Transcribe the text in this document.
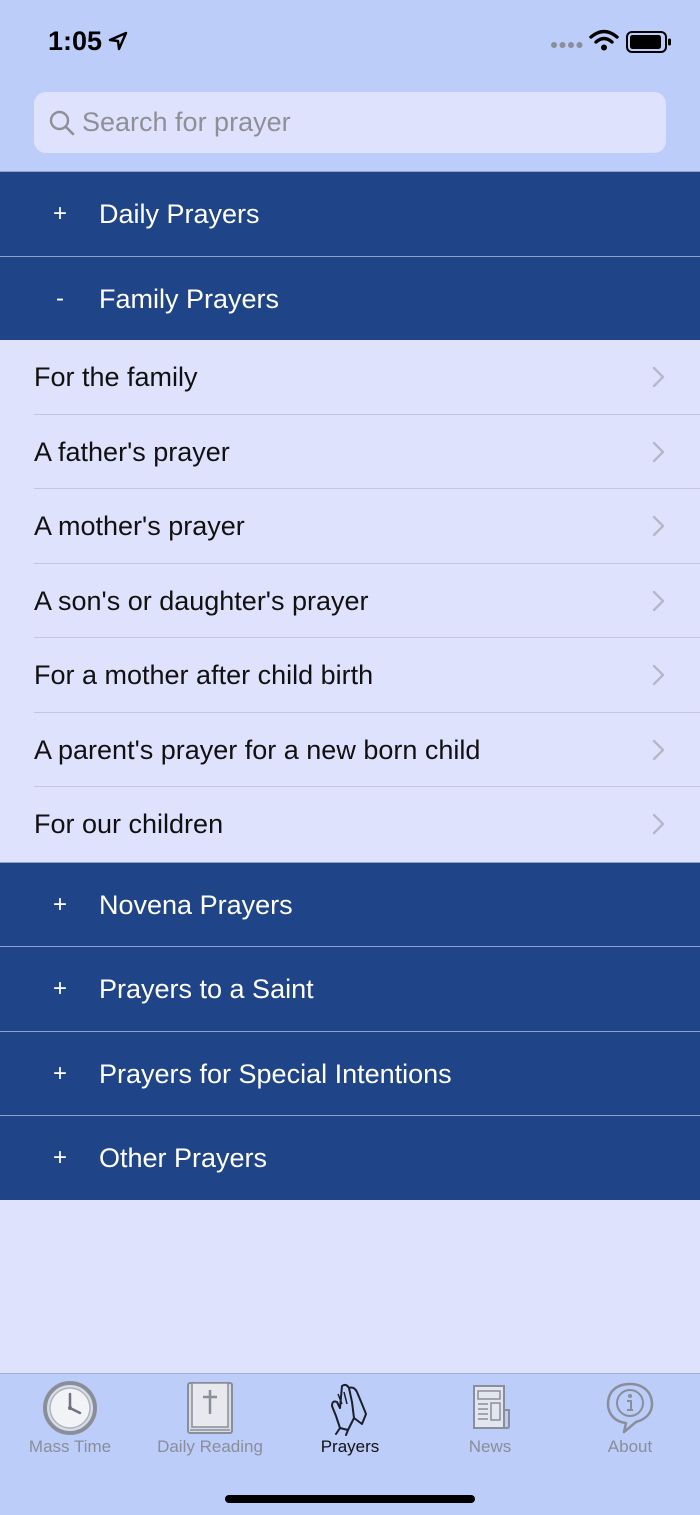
1:05
Search for prayer
+ Daily Prayers
- Family Prayers
For the family
A father's prayer
A mother's prayer
A son's or daughter's prayer
For a mother after child birth
A parent's prayer for a new born child
For our children
+ Novena Prayers
+ Prayers to a Saint
+ Prayers for Special Intentions
+ Other Prayers
Mass Time	Daily Reading	Prayers	News	About
